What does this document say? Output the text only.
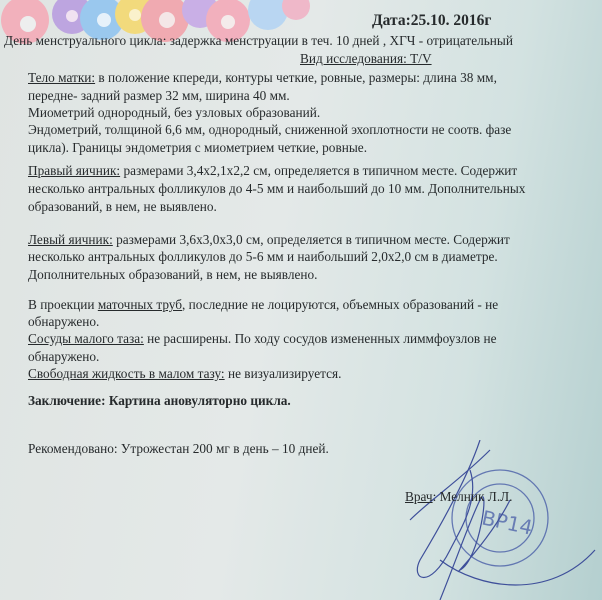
Дата:25.10. 2016г
День менструального цикла: задержка менструации в теч. 10 дней , ХГЧ - отрицательный
Вид исследования: T/V
Тело матки: в положение кпереди, контуры четкие, ровные, размеры: длина 38 мм,
передне- задний размер 32 мм, ширина 40 мм.
Миометрий однородный, без узловых образований.
Эндометрий, толщиной 6,6 мм, однородный, сниженной эхоплотности не соотв. фазе
цикла). Границы эндометрия с миометрием четкие, ровные.
Правый яичник: размерами 3,4x2,1x2,2 см, определяется в типичном месте. Содержит
несколько антральных фолликулов до 4-5 мм и наибольший до 10 мм. Дополнительных
образований, в нем, не выявлено.
Левый яичник: размерами 3,6x3,0x3,0 см, определяется в типичном месте. Содержит
несколько антральных фолликулов до 5-6 мм и наибольший 2,0x2,0 см в диаметре.
Дополнительных образований, в нем, не выявлено.
В проекции маточных труб, последние не лоцируются, объемных образований - не
обнаружено.
Сосуды малого таза: не расширены. По ходу сосудов измененных лиммфоузлов не
обнаружено.
Свободная жидкость в малом тазу: не визуализируется.
Заключение: Картина ановуляторно цикла.
Рекомендовано: Утрожестан 200 мг в день – 10 дней.
ВР14
Врач: Мелник Л.Л.
